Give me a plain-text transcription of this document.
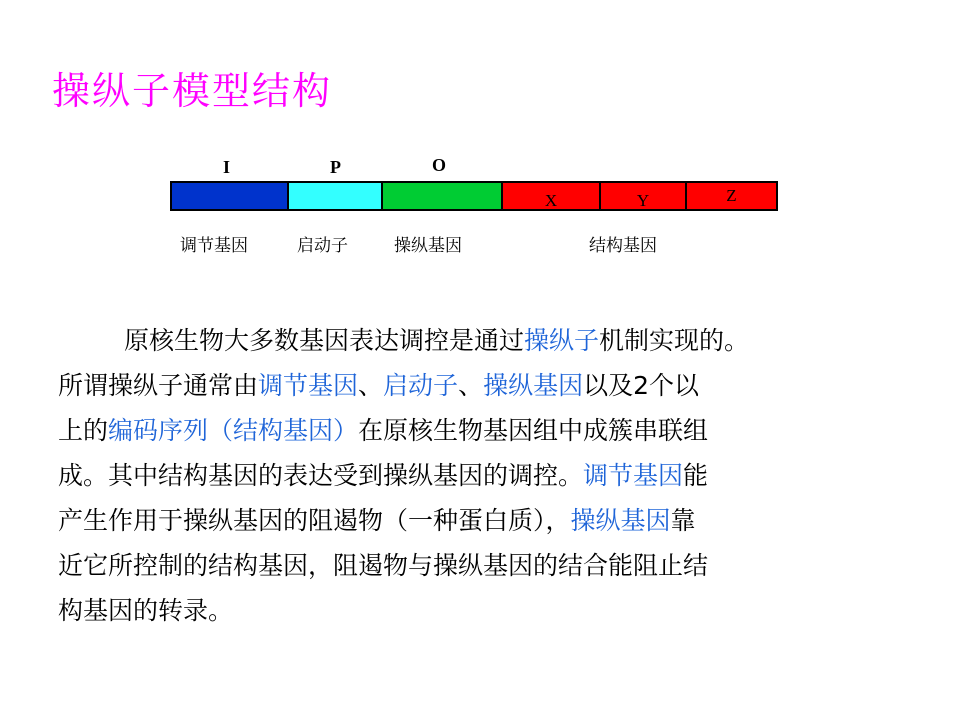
操纵子模型结构
I	P	O
X	Y	Z
调节基因	启动子	操纵基因	结构基因
原核生物大多数基因表达调控是通过操纵子机制实现的。
所谓操纵子通常由调节基因、启动子、操纵基因以及2个以
上的编码序列（结构基因）在原核生物基因组中成簇串联组
成。其中结构基因的表达受到操纵基因的调控。调节基因能
产生作用于操纵基因的阻遏物（一种蛋白质），操纵基因靠
近它所控制的结构基因，阻遏物与操纵基因的结合能阻止结
构基因的转录。
